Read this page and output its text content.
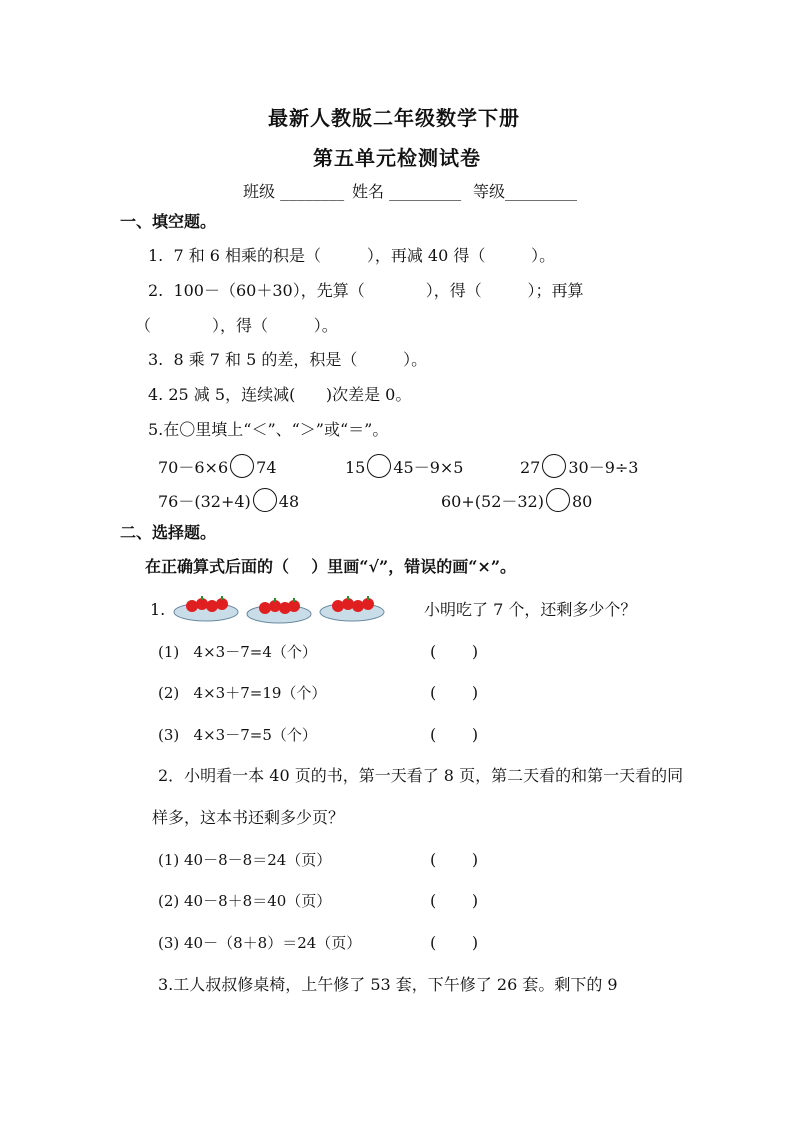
最新人教版二年级数学下册
第五单元检测试卷
班级 ________ 姓名 _________ 等级_________
一、填空题。
1.  7 和 6 相乘的积是（         ），再减 40 得（         ）。
2.  100－（60＋30），先算（            ），得（         ）；再算
（            ），得（         ）。
3.  8 乘 7 和 5 的差，积是（         ）。
4. 25 减 5，连续减(      )次差是 0。
5.在〇里填上“＜”、“＞”或“＝”。
70－6×6 74	15 45－9×5	27 30－9÷3
76－(32+4) 48	60+(52－32) 80
二、选择题。
在正确算式后面的（    ）里画“√”，错误的画“×”。
1.	小明吃了 7 个，还剩多少个？
(1)   4×3－7=4（个）	(       )
(2)   4×3＋7=19（个）	(       )
(3)   4×3－7=5（个）	(       )
2．小明看一本 40 页的书，第一天看了 8 页，第二天看的和第一天看的同
样多，这本书还剩多少页？
(1) 40－8－8＝24（页）	(       )
(2) 40－8＋8＝40（页）	(       )
(3) 40－（8＋8）＝24（页）	(       )
3.工人叔叔修桌椅，上午修了 53 套，下午修了 26 套。剩下的 9
